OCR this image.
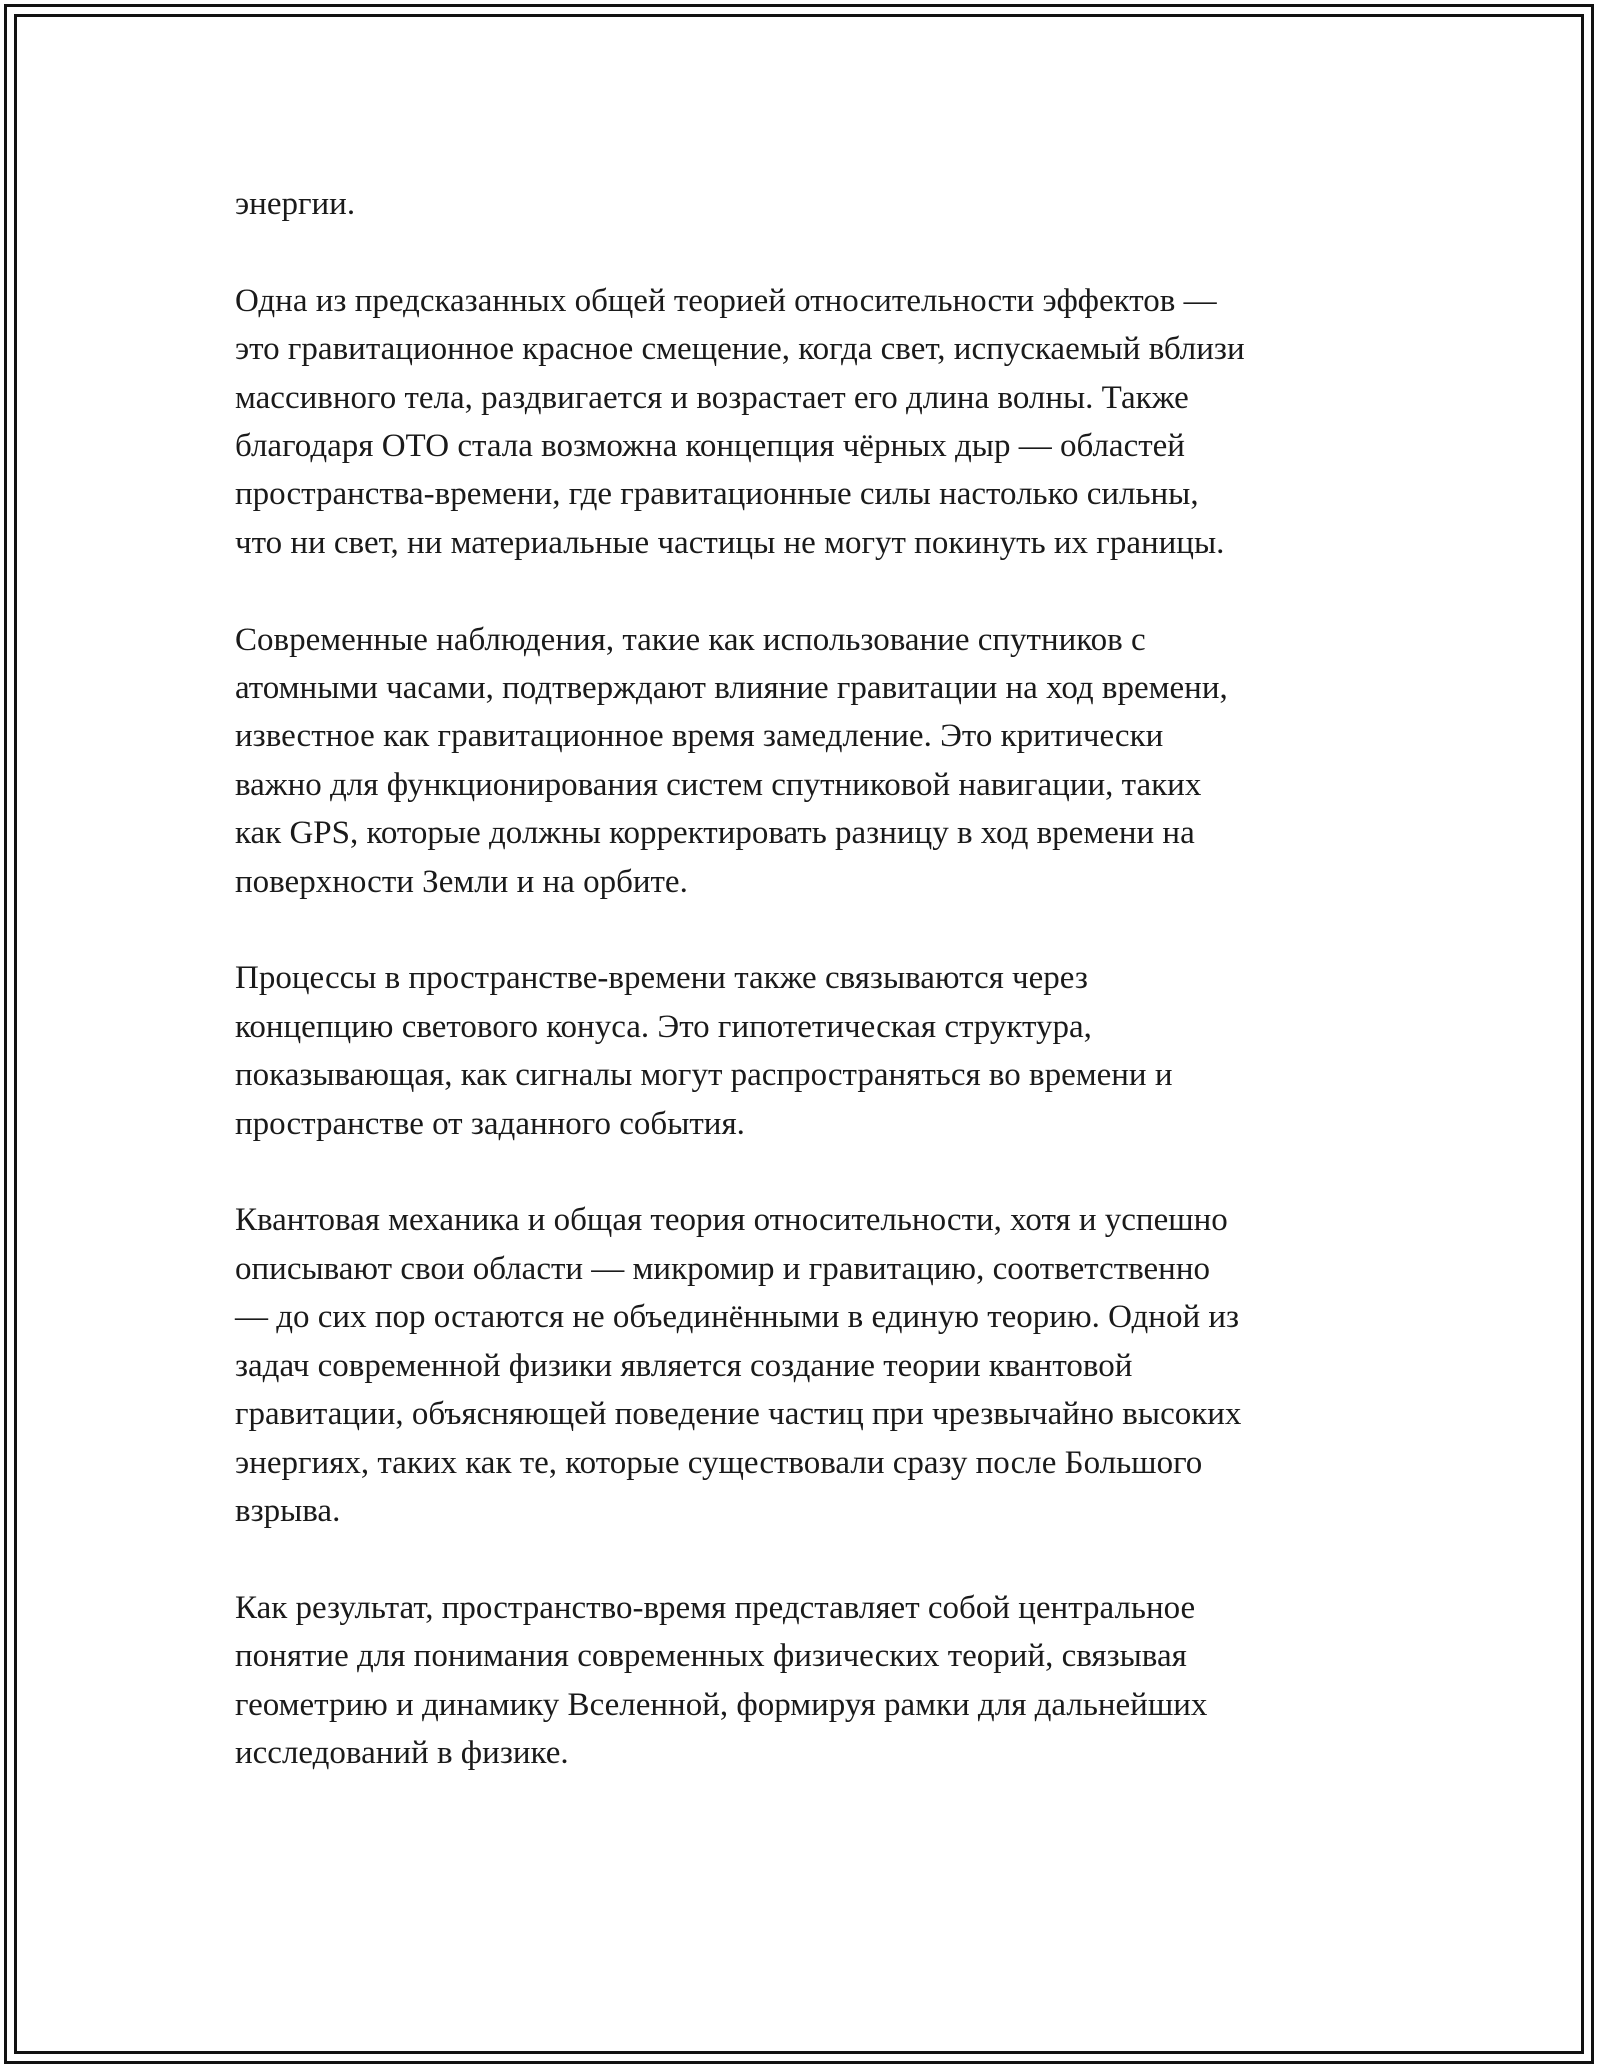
энергии.

Одна из предсказанных общей теорией относительности эффектов —
это гравитационное красное смещение, когда свет, испускаемый вблизи
массивного тела, раздвигается и возрастает его длина волны. Также
благодаря ОТО стала возможна концепция чёрных дыр — областей
пространства-времени, где гравитационные силы настолько сильны,
что ни свет, ни материальные частицы не могут покинуть их границы.

Современные наблюдения, такие как использование спутников с
атомными часами, подтверждают влияние гравитации на ход времени,
известное как гравитационное время замедление. Это критически
важно для функционирования систем спутниковой навигации, таких
как GPS, которые должны корректировать разницу в ход времени на
поверхности Земли и на орбите.

Процессы в пространстве-времени также связываются через
концепцию светового конуса. Это гипотетическая структура,
показывающая, как сигналы могут распространяться во времени и
пространстве от заданного события.

Квантовая механика и общая теория относительности, хотя и успешно
описывают свои области — микромир и гравитацию, соответственно
— до сих пор остаются не объединёнными в единую теорию. Одной из
задач современной физики является создание теории квантовой
гравитации, объясняющей поведение частиц при чрезвычайно высоких
энергиях, таких как те, которые существовали сразу после Большого
взрыва.

Как результат, пространство-время представляет собой центральное
понятие для понимания современных физических теорий, связывая
геометрию и динамику Вселенной, формируя рамки для дальнейших
исследований в физике.
